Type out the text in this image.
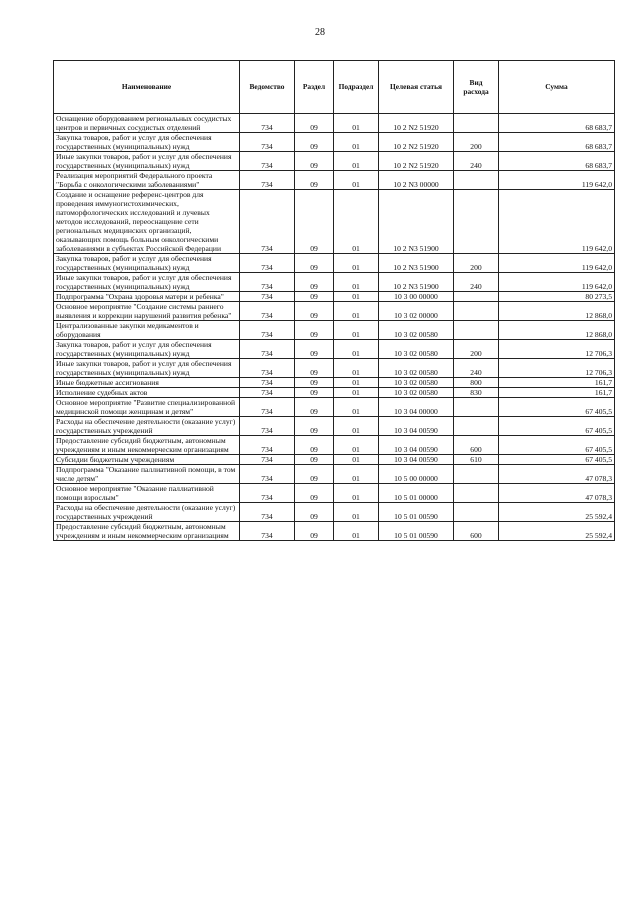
28
Наименование	Ведомство	Раздел	Подраздел	Целевая статья	Вид расхода	Сумма
Оснащение оборудованием региональных сосудистых центров и первичных сосудистых отделений	734	09	01	10 2 N2 51920		68 683,7
Закупка товаров, работ и услуг для обеспечения государственных (муниципальных) нужд	734	09	01	10 2 N2 51920	200	68 683,7
Иные закупки товаров, работ и услуг для обеспечения государственных (муниципальных) нужд	734	09	01	10 2 N2 51920	240	68 683,7
Реализация мероприятий Федерального проекта "Борьба с онкологическими заболеваниями"	734	09	01	10 2 N3 00000		119 642,0
Создание и оснащение референс-центров для проведения иммуногистохимических, патоморфологических исследований и лучевых методов исследований, переоснащение сети региональных медицинских организаций, оказывающих помощь больным онкологическими заболеваниями в субъектах Российской Федерации	734	09	01	10 2 N3 51900		119 642,0
Закупка товаров, работ и услуг для обеспечения государственных (муниципальных) нужд	734	09	01	10 2 N3 51900	200	119 642,0
Иные закупки товаров, работ и услуг для обеспечения государственных (муниципальных) нужд	734	09	01	10 2 N3 51900	240	119 642,0
Подпрограмма "Охрана здоровья матери и ребенка"	734	09	01	10 3 00 00000		80 273,5
Основное мероприятие "Создание системы раннего выявления и коррекции нарушений развития ребенка"	734	09	01	10 3 02 00000		12 868,0
Централизованные закупки медикаментов и оборудования	734	09	01	10 3 02 00580		12 868,0
Закупка товаров, работ и услуг для обеспечения государственных (муниципальных) нужд	734	09	01	10 3 02 00580	200	12 706,3
Иные закупки товаров, работ и услуг для обеспечения государственных (муниципальных) нужд	734	09	01	10 3 02 00580	240	12 706,3
Иные бюджетные ассигнования	734	09	01	10 3 02 00580	800	161,7
Исполнение судебных актов	734	09	01	10 3 02 00580	830	161,7
Основное мероприятие "Развитие специализированной медицинской помощи женщинам и детям"	734	09	01	10 3 04 00000		67 405,5
Расходы на обеспечение деятельности (оказание услуг) государственных учреждений	734	09	01	10 3 04 00590		67 405,5
Предоставление субсидий бюджетным, автономным учреждениям и иным некоммерческим организациям	734	09	01	10 3 04 00590	600	67 405,5
Субсидии бюджетным учреждениям	734	09	01	10 3 04 00590	610	67 405,5
Подпрограмма "Оказание паллиативной помощи, в том числе детям"	734	09	01	10 5 00 00000		47 078,3
Основное мероприятие "Оказание паллиативной помощи взрослым"	734	09	01	10 5 01 00000		47 078,3
Расходы на обеспечение деятельности (оказание услуг) государственных учреждений	734	09	01	10 5 01 00590		25 592,4
Предоставление субсидий бюджетным, автономным учреждениям и иным некоммерческим организациям	734	09	01	10 5 01 00590	600	25 592,4
